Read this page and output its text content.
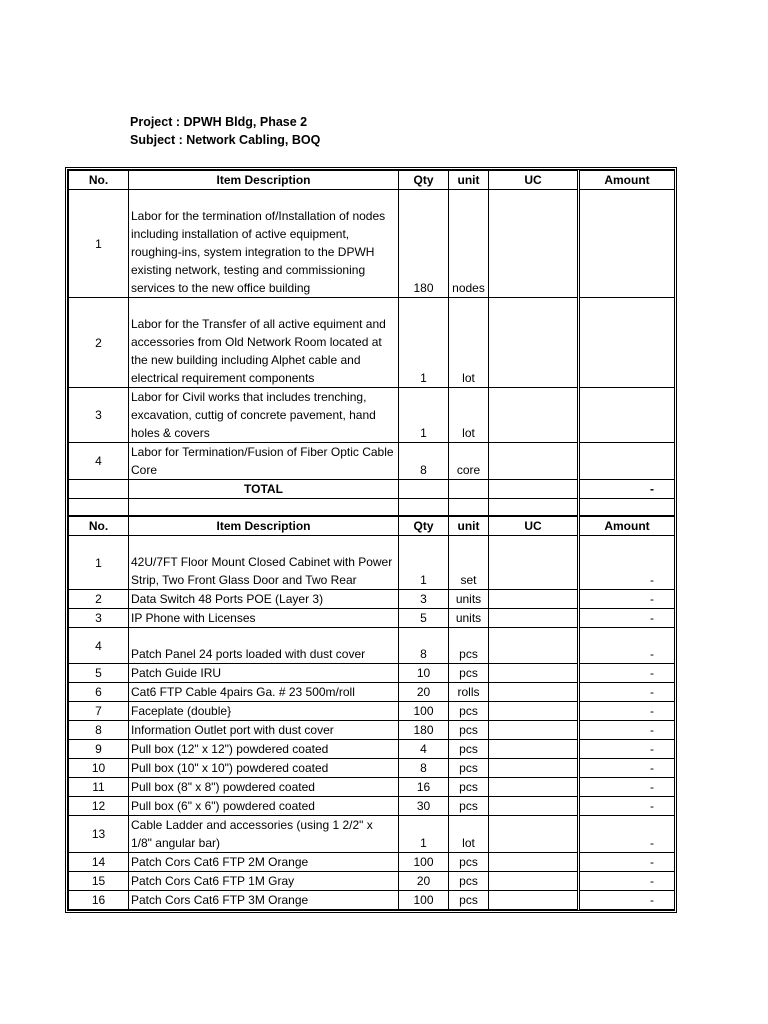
Project : DPWH Bldg, Phase 2
Subject : Network Cabling, BOQ
No.	Item Description	Qty	unit	UC	Amount
1	Labor for the termination of/Installation of nodes including installation of active equipment, roughing-ins, system integration to the DPWH existing network, testing and commissioning services to the new office building	180	nodes		
2	Labor for the Transfer of all active equiment and accessories from Old Network Room located at the new building including Alphet cable and electrical requirement components	1	lot		
3	Labor for Civil works that includes trenching, excavation, cuttig of concrete pavement, hand holes & covers	1	lot		
4	Labor for Termination/Fusion of Fiber Optic Cable Core	8	core		
	TOTAL				-

No.	Item Description	Qty	unit	UC	Amount
1	42U/7FT Floor Mount Closed Cabinet with Power Strip, Two Front Glass Door and Two Rear	1	set		-
2	Data Switch 48 Ports POE (Layer 3)	3	units		-
3	IP Phone with Licenses	5	units		-
4	Patch Panel 24 ports loaded with dust cover	8	pcs		-
5	Patch Guide IRU	10	pcs		-
6	Cat6 FTP Cable 4pairs Ga. # 23 500m/roll	20	rolls		-
7	Faceplate (double}	100	pcs		-
8	Information Outlet port with dust cover	180	pcs		-
9	Pull box (12" x 12") powdered coated	4	pcs		-
10	Pull box (10" x 10") powdered coated	8	pcs		-
11	Pull box (8" x 8") powdered coated	16	pcs		-
12	Pull box (6" x 6") powdered coated	30	pcs		-
13	Cable Ladder and accessories (using 1 2/2" x 1/8" angular bar)	1	lot		-
14	Patch Cors Cat6 FTP 2M Orange	100	pcs		-
15	Patch Cors Cat6 FTP 1M Gray	20	pcs		-
16	Patch Cors Cat6 FTP 3M Orange	100	pcs		-
